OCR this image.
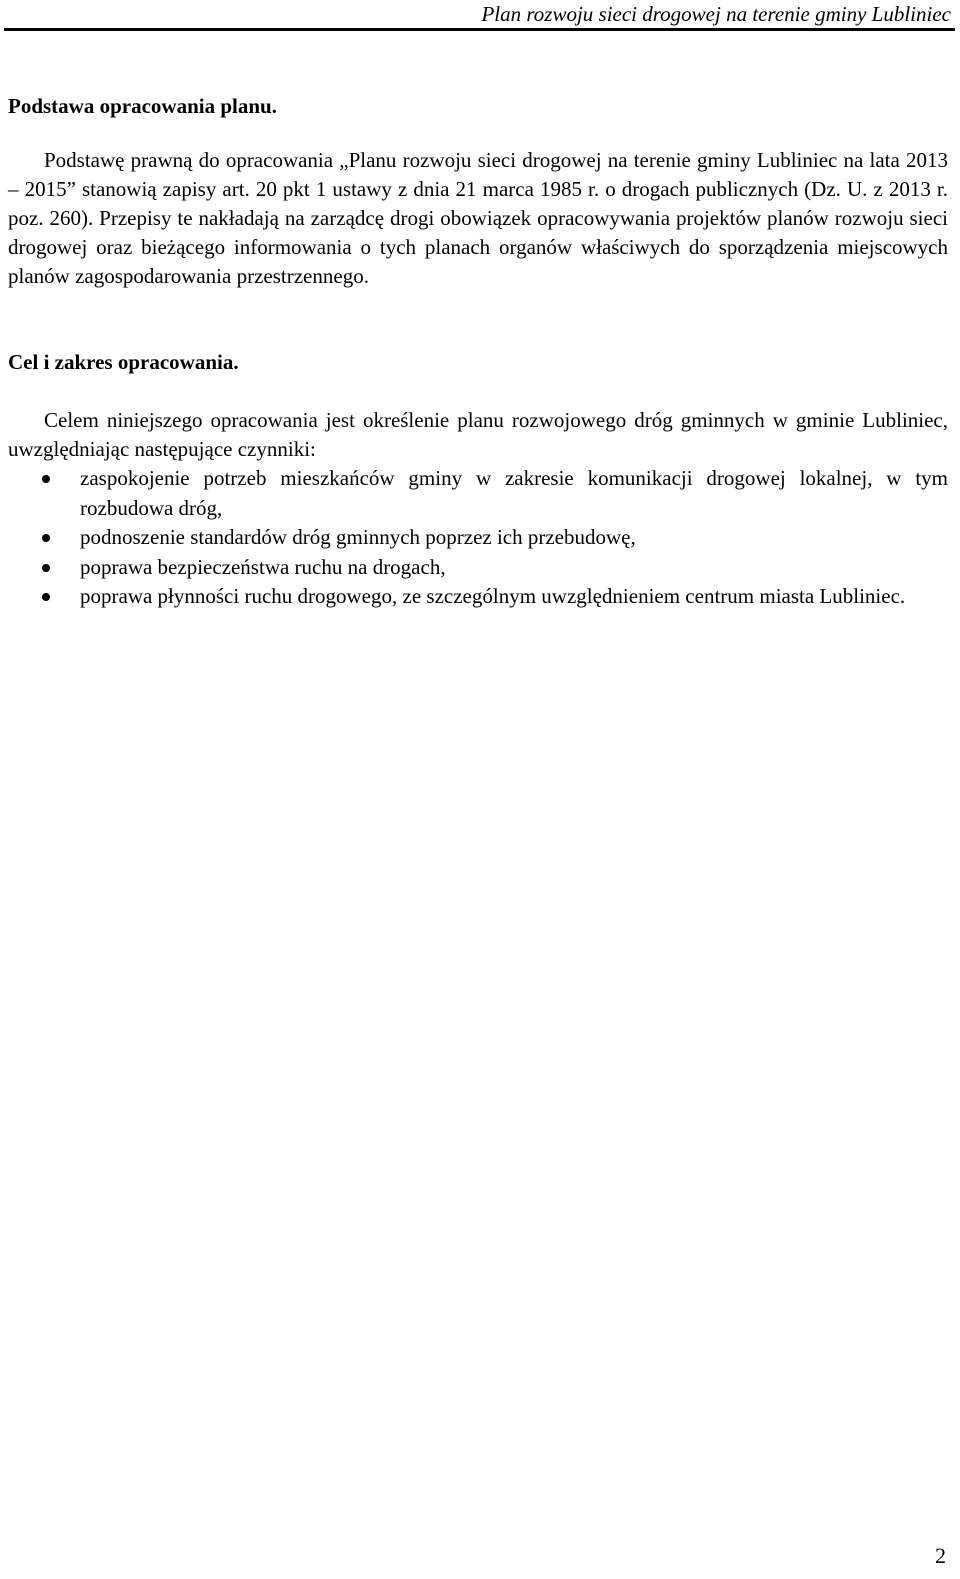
Plan rozwoju sieci drogowej na terenie gminy Lubliniec
Podstawa opracowania planu.

Podstawę prawną do opracowania „Planu rozwoju sieci drogowej na terenie gminy Lubliniec na lata 2013 – 2015” stanowią zapisy art. 20 pkt 1 ustawy z dnia 21 marca 1985 r. o drogach publicznych (Dz. U. z 2013 r. poz. 260). Przepisy te nakładają na zarządcę drogi obowiązek opracowywania projektów planów rozwoju sieci drogowej oraz bieżącego informowania o tych planach organów właściwych do sporządzenia miejscowych planów zagospodarowania przestrzennego.

Cel i zakres opracowania.

Celem niniejszego opracowania jest określenie planu rozwojowego dróg gminnych w gminie Lubliniec, uwzględniając następujące czynniki:

zaspokojenie potrzeb mieszkańców gminy w zakresie komunikacji drogowej lokalnej, w tym rozbudowa dróg,
podnoszenie standardów dróg gminnych poprzez ich przebudowę,
poprawa bezpieczeństwa ruchu na drogach,
poprawa płynności ruchu drogowego, ze szczególnym uwzględnieniem centrum miasta Lubliniec.
2
